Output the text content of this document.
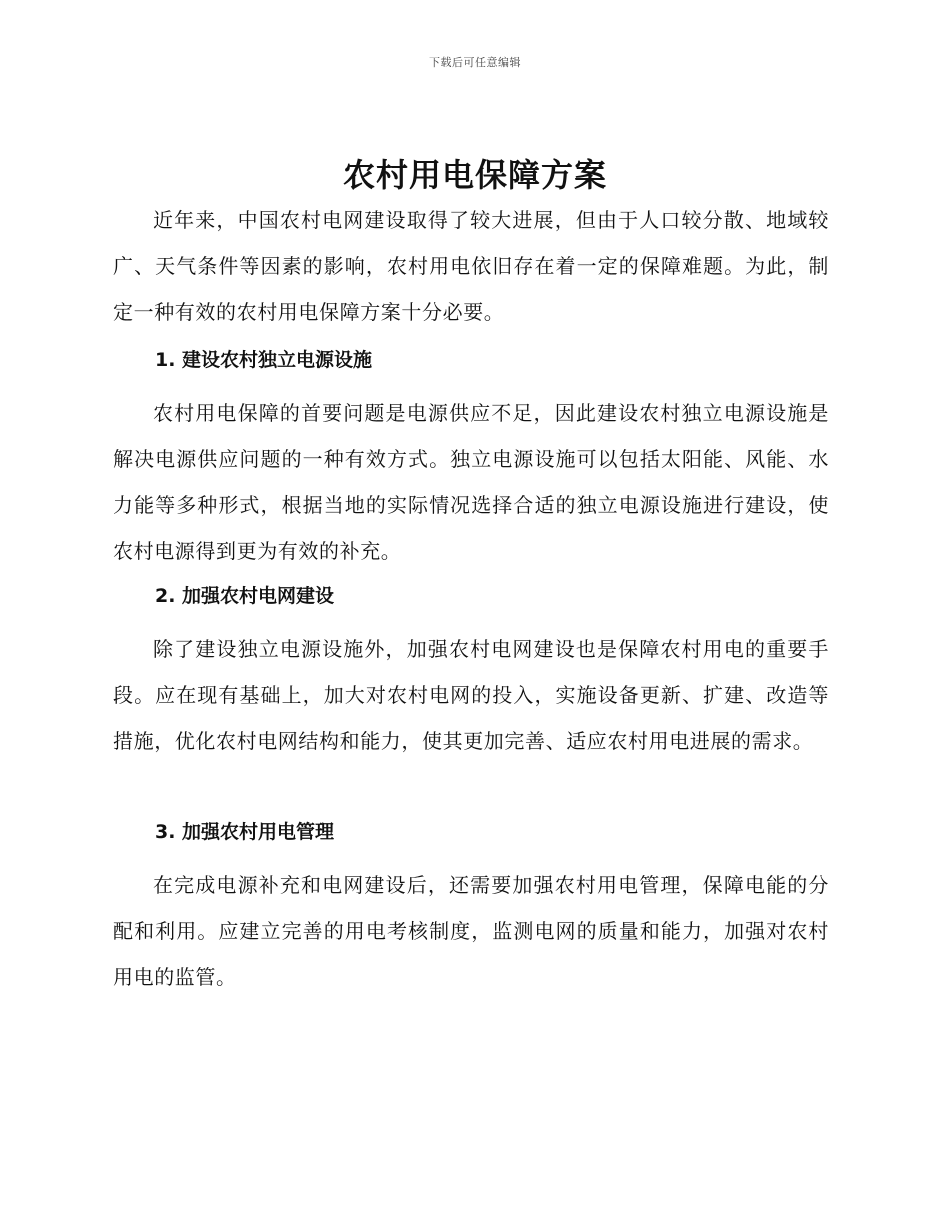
下载后可任意编辑
农村用电保障方案

近年来，中国农村电网建设取得了较大进展，但由于人口较分散、地域较广、天气条件等因素的影响，农村用电依旧存在着一定的保障难题。为此，制定一种有效的农村用电保障方案十分必要。

1. 建设农村独立电源设施

农村用电保障的首要问题是电源供应不足，因此建设农村独立电源设施是解决电源供应问题的一种有效方式。独立电源设施可以包括太阳能、风能、水力能等多种形式，根据当地的实际情况选择合适的独立电源设施进行建设，使农村电源得到更为有效的补充。

2. 加强农村电网建设

除了建设独立电源设施外，加强农村电网建设也是保障农村用电的重要手段。应在现有基础上，加大对农村电网的投入，实施设备更新、扩建、改造等措施，优化农村电网结构和能力，使其更加完善、适应农村用电进展的需求。

3. 加强农村用电管理

在完成电源补充和电网建设后，还需要加强农村用电管理，保障电能的分配和利用。应建立完善的用电考核制度，监测电网的质量和能力，加强对农村用电的监管。
